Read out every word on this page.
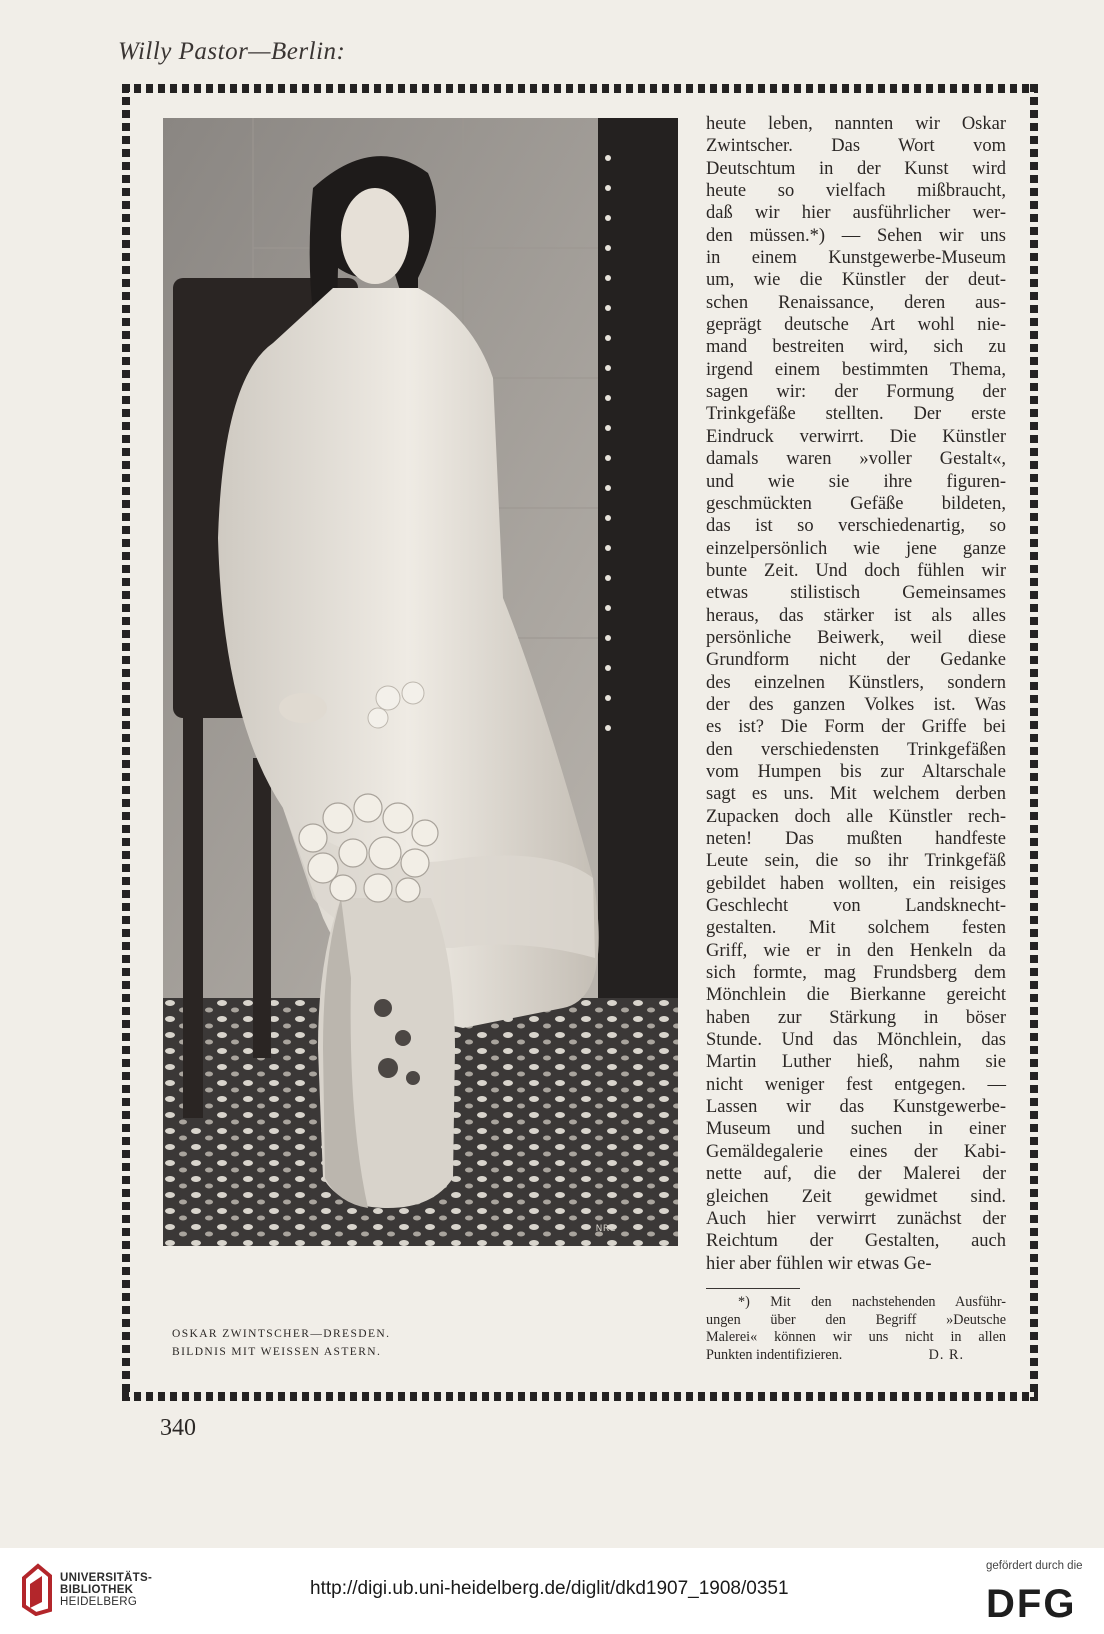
Willy Pastor—Berlin:
NRC
heute leben, nannten wir Oskar
Zwintscher. Das Wort vom
Deutschtum in der Kunst wird
heute so vielfach mißbraucht,
daß wir hier ausführlicher wer-
den müssen.*) — Sehen wir uns
in einem Kunstgewerbe-Museum
um, wie die Künstler der deut-
schen Renaissance, deren aus-
geprägt deutsche Art wohl nie-
mand bestreiten wird, sich zu
irgend einem bestimmten Thema,
sagen wir: der Formung der
Trinkgefäße stellten. Der erste
Eindruck verwirrt. Die Künstler
damals waren »voller Gestalt«,
und wie sie ihre figuren-
geschmückten Gefäße bildeten,
das ist so verschiedenartig, so
einzelpersönlich wie jene ganze
bunte Zeit. Und doch fühlen wir
etwas stilistisch Gemeinsames
heraus, das stärker ist als alles
persönliche Beiwerk, weil diese
Grundform nicht der Gedanke
des einzelnen Künstlers, sondern
der des ganzen Volkes ist. Was
es ist? Die Form der Griffe bei
den verschiedensten Trinkgefäßen
vom Humpen bis zur Altarschale
sagt es uns. Mit welchem derben
Zupacken doch alle Künstler rech-
neten! Das mußten handfeste
Leute sein, die so ihr Trinkgefäß
gebildet haben wollten, ein reisiges
Geschlecht von Landsknecht-
gestalten. Mit solchem festen
Griff, wie er in den Henkeln da
sich formte, mag Frundsberg dem
Mönchlein die Bierkanne gereicht
haben zur Stärkung in böser
Stunde. Und das Mönchlein, das
Martin Luther hieß, nahm sie
nicht weniger fest entgegen. —
Lassen wir das Kunstgewerbe-
Museum und suchen in einer
Gemäldegalerie eines der Kabi-
nette auf, die der Malerei der
gleichen Zeit gewidmet sind.
Auch hier verwirrt zunächst der
Reichtum der Gestalten, auch
hier aber fühlen wir etwas Ge-
*) Mit den nachstehenden Ausführ-
ungen über den Begriff »Deutsche
Malerei« können wir uns nicht in allen
Punkten indentifizieren.	D. R.
OSKAR ZWINTSCHER—DRESDEN.
BILDNIS MIT WEISSEN ASTERN.
340
UNIVERSITÄTS-
BIBLIOTHEK
HEIDELBERG
http://digi.ub.uni-heidelberg.de/diglit/dkd1907_1908/0351
gefördert durch die
DFG
